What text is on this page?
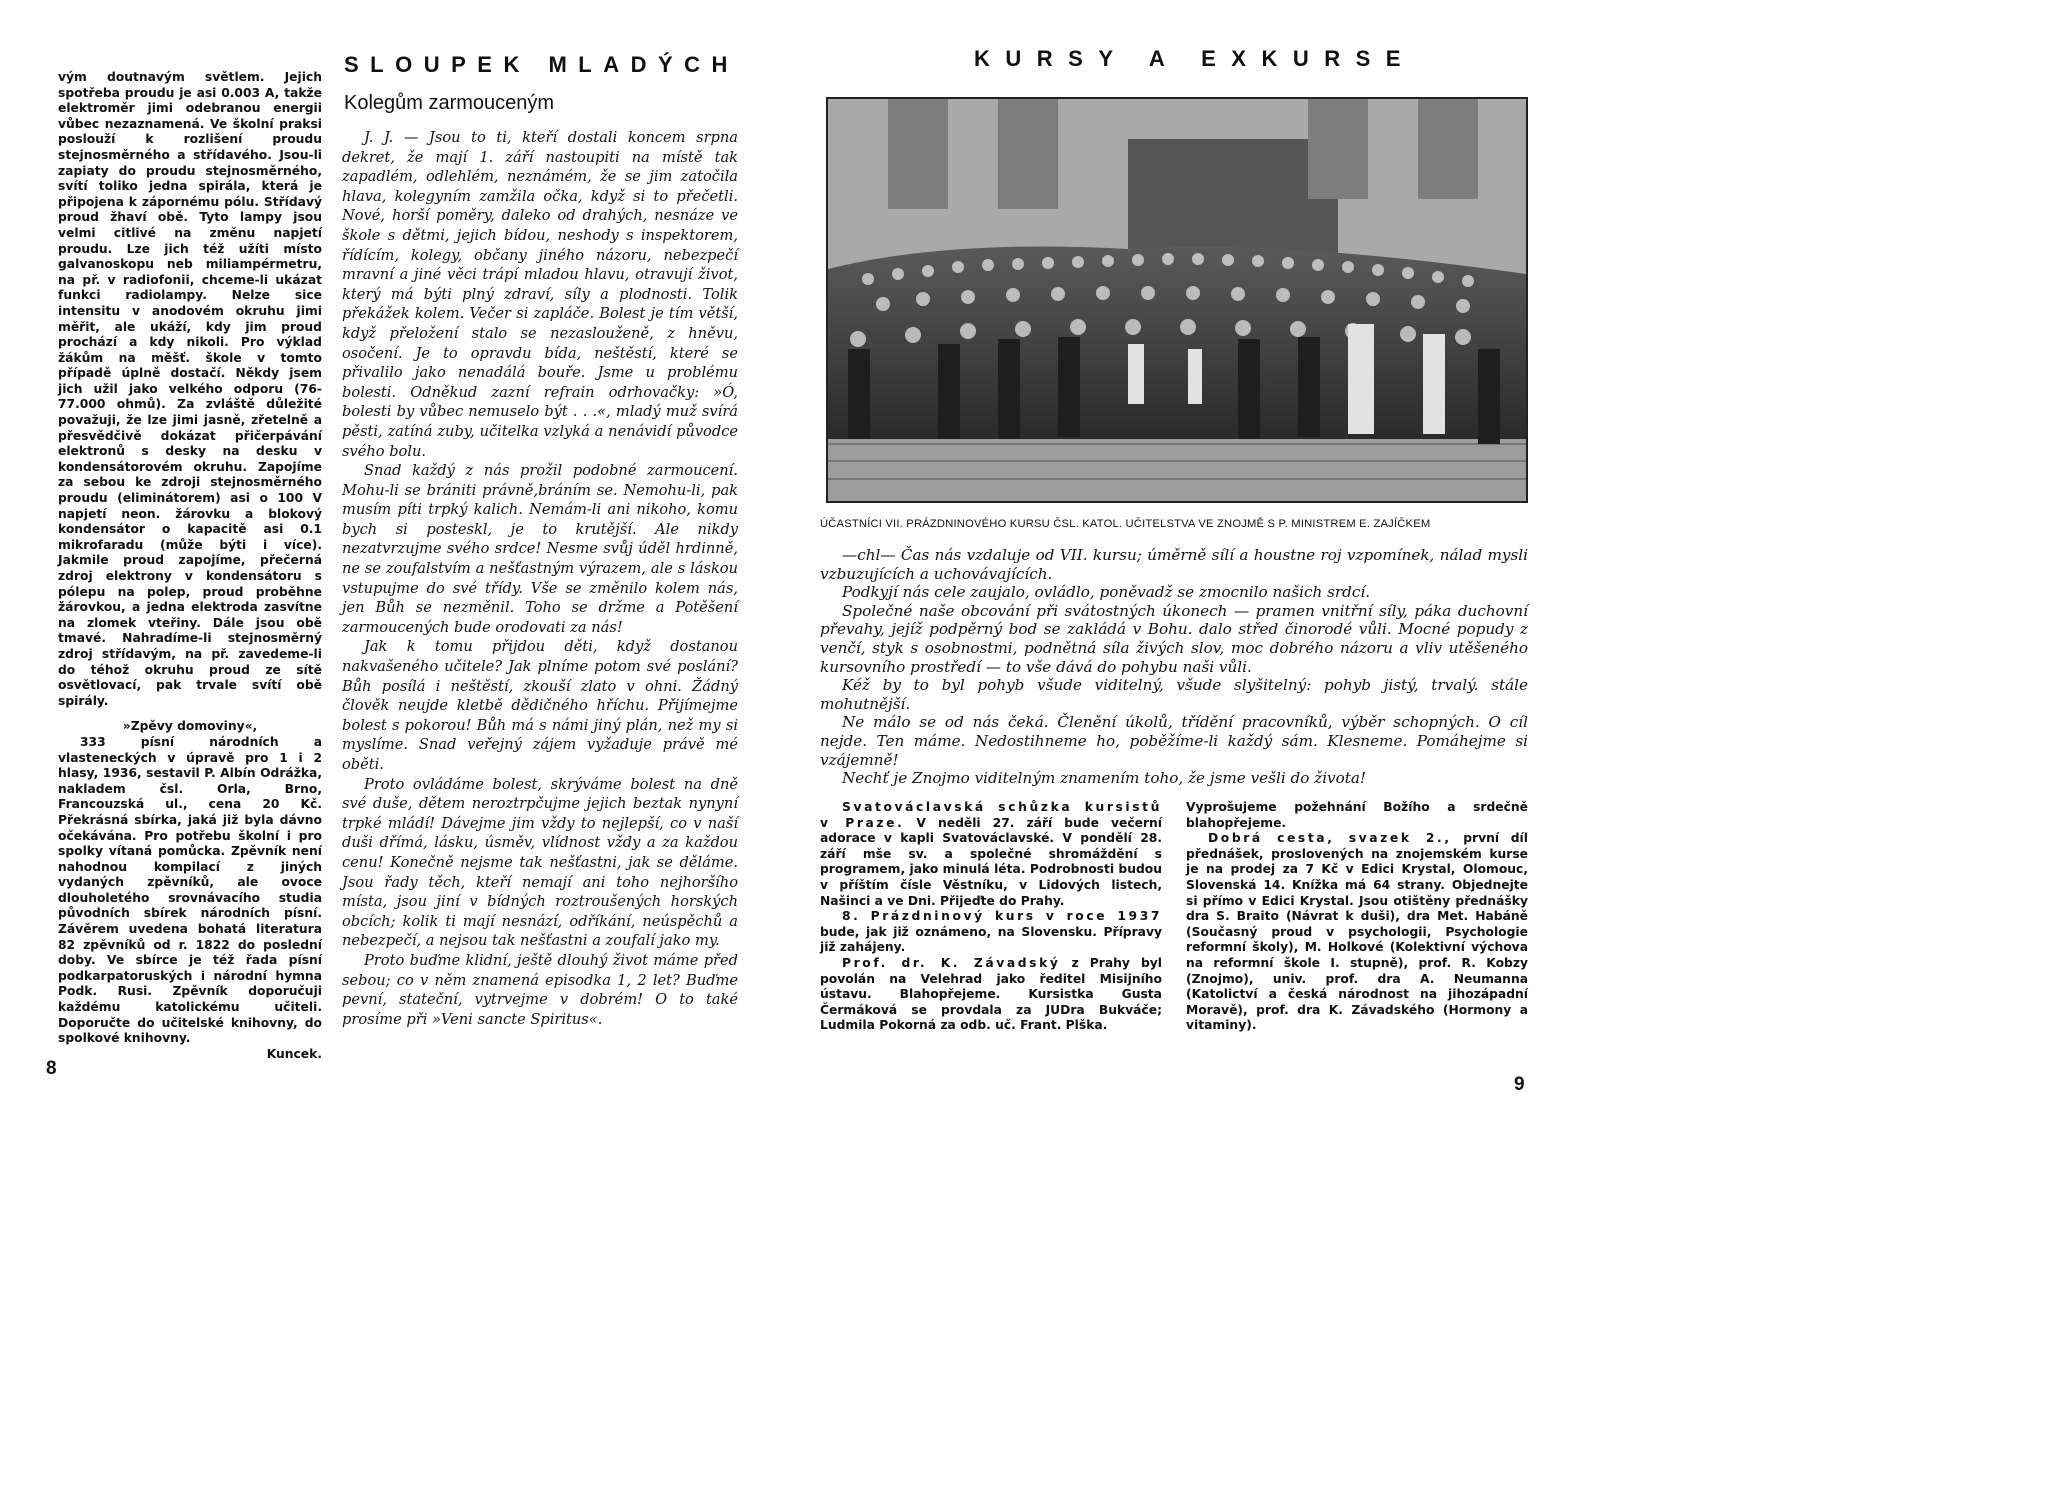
vým doutnavým světlem. Jejich spotřeba proudu je asi 0.003 A, takže elektroměr jimi odebranou energii vůbec nezaznamená. Ve školní praksi poslouží k rozlišení proudu stejnosměrného a střídavého. Jsou-li zapiaty do proudu stejnosměrného, svítí toliko jedna spirála, která je připojena k zápornému pólu. Střídavý proud žhaví obě. Tyto lampy jsou velmi citlivé na změnu napjetí proudu. Lze jich též užíti místo galvanoskopu neb miliampérmetru, na př. v radiofonii, chceme-li ukázat funkci radiolampy. Nelze sice intensitu v anodovém okruhu jimi měřit, ale ukáží, kdy jim proud prochází a kdy nikoli. Pro výklad žákům na měšť. škole v tomto případě úplně dostačí. Někdy jsem jich užil jako velkého odporu (76-77.000 ohmů). Za zvláště důležité považuji, že lze jimi jasně, zřetelně a přesvědčivě dokázat přičerpávání elektronů s desky na desku v kondensátorovém okruhu. Zapojíme za sebou ke zdroji stejnosměrného proudu (eliminátorem) asi o 100 V napjetí neon. žárovku a blokový kondensátor o kapacitě asi 0.1 mikrofaradu (může býti i více). Jakmile proud zapojíme, přečerná zdroj elektrony v kondensátoru s pólepu na polep, proud proběhne žárovkou, a jedna elektroda zasvítne na zlomek vteřiny. Dále jsou obě tmavé. Nahradíme-li stejnosměrný zdroj střídavým, na př. zavedeme-li do téhož okruhu proud ze sítě osvětlovací, pak trvale svítí obě spirály.

»Zpěvy domoviny«,

333 písní národních a vlasteneckých v úpravě pro 1 i 2 hlasy, 1936, sestavil P. Albín Odrážka, nakladem čsl. Orla, Brno, Francouzská ul., cena 20 Kč. Překrásná sbírka, jaká již byla dávno očekávána. Pro potřebu školní i pro spolky vítaná pomůcka. Zpěvník není nahodnou kompilací z jiných vydaných zpěvníků, ale ovoce dlouholetého srovnávacího studia původních sbírek národních písní. Závěrem uvedena bohatá literatura 82 zpěvníků od r. 1822 do poslední doby. Ve sbírce je též řada písní podkarpatoruských i národní hymna Podk. Rusi. Zpěvník doporučuji každému katolickému učiteli. Doporučte do učitelské knihovny, do spolkové knihovny.

Kuncek.

8
SLOUPEK MLADÝCH
Kolegům zarmouceným

J. J. — Jsou to ti, kteří dostali koncem srpna dekret, že mají 1. září nastoupiti na místě tak zapadlém, odlehlém, neznámém, že se jim zatočila hlava, kolegyním zamžila očka, když si to přečetli. Nové, horší poměry, daleko od drahých, nesnáze ve škole s dětmi, jejich bídou, neshody s inspektorem, řídícím, kolegy, občany jiného názoru, nebezpečí mravní a jiné věci trápí mladou hlavu, otravují život, který má býti plný zdraví, síly a plodnosti. Tolik překážek kolem. Večer si zapláče. Bolest je tím větší, když přeložení stalo se nezaslouženě, z hněvu, osočení. Je to opravdu bída, neštěstí, které se přivalilo jako nenadálá bouře. Jsme u problému bolesti. Odněkud zazní refrain odrhovačky: »Ó, bolesti by vůbec nemuselo být . . .«, mladý muž svírá pěsti, zatíná zuby, učitelka vzlyká a nenávidí původce svého bolu.

Snad každý z nás prožil podobné zarmoucení. Mohu-li se brániti právně,bráním se. Nemohu-li, pak musím píti trpký kalich. Nemám-li ani nikoho, komu bych si posteskl, je to krutější. Ale nikdy nezatvrzujme svého srdce! Nesme svůj úděl hrdinně, ne se zoufalstvím a nešťastným výrazem, ale s láskou vstupujme do své třídy. Vše se změnilo kolem nás, jen Bůh se nezměnil. Toho se držme a Potěšení zarmoucených bude orodovati za nás!

Jak k tomu přijdou děti, když dostanou nakvašeného učitele? Jak plníme potom své poslání? Bůh posílá i neštěstí, zkouší zlato v ohni. Žádný člověk neujde kletbě dědičného hříchu. Přijímejme bolest s pokorou! Bůh má s námi jiný plán, než my si myslíme. Snad veřejný zájem vyžaduje právě mé oběti.

Proto ovládáme bolest, skrýváme bolest na dně své duše, dětem neroztrpčujme jejich beztak nynyní trpké mládí! Dávejme jim vždy to nejlepší, co v naší duši dřímá, lásku, úsměv, vlídnost vždy a za každou cenu! Konečně nejsme tak nešťastni, jak se děláme. Jsou řady těch, kteří nemají ani toho nejhoršího místa, jsou jiní v bídných roztroušených horských obcích; kolik ti mají nesnází, odříkání, neúspěchů a nebezpečí, a nejsou tak nešťastni a zoufalí jako my.

Proto buďme klidní, ještě dlouhý život máme před sebou; co v něm znamená episodka 1, 2 let? Buďme pevní, stateční, vytrvejme v dobrém! O to také prosíme při »Veni sancte Spiritus«.

KURSY A EXKURSE
ÚČASTNÍCI VII. PRÁZDNINOVÉHO KURSU ČSL. KATOL. UČITELSTVA VE ZNOJMĚ S P. MINISTREM E. ZAJÍČKEM

—chl— Čas nás vzdaluje od VII. kursu; úměrně sílí a houstne roj vzpomínek, nálad mysli vzbuzujících a uchovávajících.

Podkyjí nás cele zaujalo, ovládlo, poněvadž se zmocnilo našich srdcí.

Společné naše obcování při svátostných úkonech — pramen vnitřní síly, páka duchovní převahy, jejíž podpěrný bod se zakládá v Bohu. dalo střed činorodé vůli. Mocné popudy z venčí, styk s osobnostmi, podnětná síla živých slov, moc dobrého názoru a vliv utěšeného kursovního prostředí — to vše dává do pohybu naši vůli.

Kéž by to byl pohyb všude viditelný, všude slyšitelný: pohyb jistý, trvalý. stále mohutnější.

Ne málo se od nás čeká. Členění úkolů, třídění pracovníků, výběr schopných. O cíl nejde. Ten máme. Nedostihneme ho, poběžíme-li každý sám. Klesneme. Pomáhejme si vzájemně!

Nechť je Znojmo viditelným znamením toho, že jsme vešli do života!

Svatováclavská schůzka kursistů v Praze. V neděli 27. září bude večerní adorace v kapli Svatováclavské. V pondělí 28. září mše sv. a společné shromáždění s programem, jako minulá léta. Podrobnosti budou v příštím čísle Věstníku, v Lidových listech, Našinci a ve Dni. Přijeďte do Prahy.

8. Prázdninový kurs v roce 1937 bude, jak již oznámeno, na Slovensku. Přípravy již zahájeny.

Prof. dr. K. Závadský z Prahy byl povolán na Velehrad jako ředitel Misijního ústavu. Blahopřejeme. Kursistka Gusta Čermáková se provdala za JUDra Bukváče; Ludmila Pokorná za odb. uč. Frant. Plška.

Vyprošujeme požehnání Božího a srdečně blahopřejeme.

Dobrá cesta, svazek 2., první díl přednášek, proslovených na znojemském kurse je na prodej za 7 Kč v Edici Krystal, Olomouc, Slovenská 14. Knížka má 64 strany. Objednejte si přímo v Edici Krystal. Jsou otištěny přednášky dra S. Braito (Návrat k duši), dra Met. Habáně (Současný proud v psychologii, Psychologie reformní školy), M. Holkové (Kolektivní výchova na reformní škole I. stupně), prof. R. Kobzy (Znojmo), univ. prof. dra A. Neumanna (Katolictví a česká národnost na jihozápadní Moravě), prof. dra K. Závadského (Hormony a vitaminy).

9
